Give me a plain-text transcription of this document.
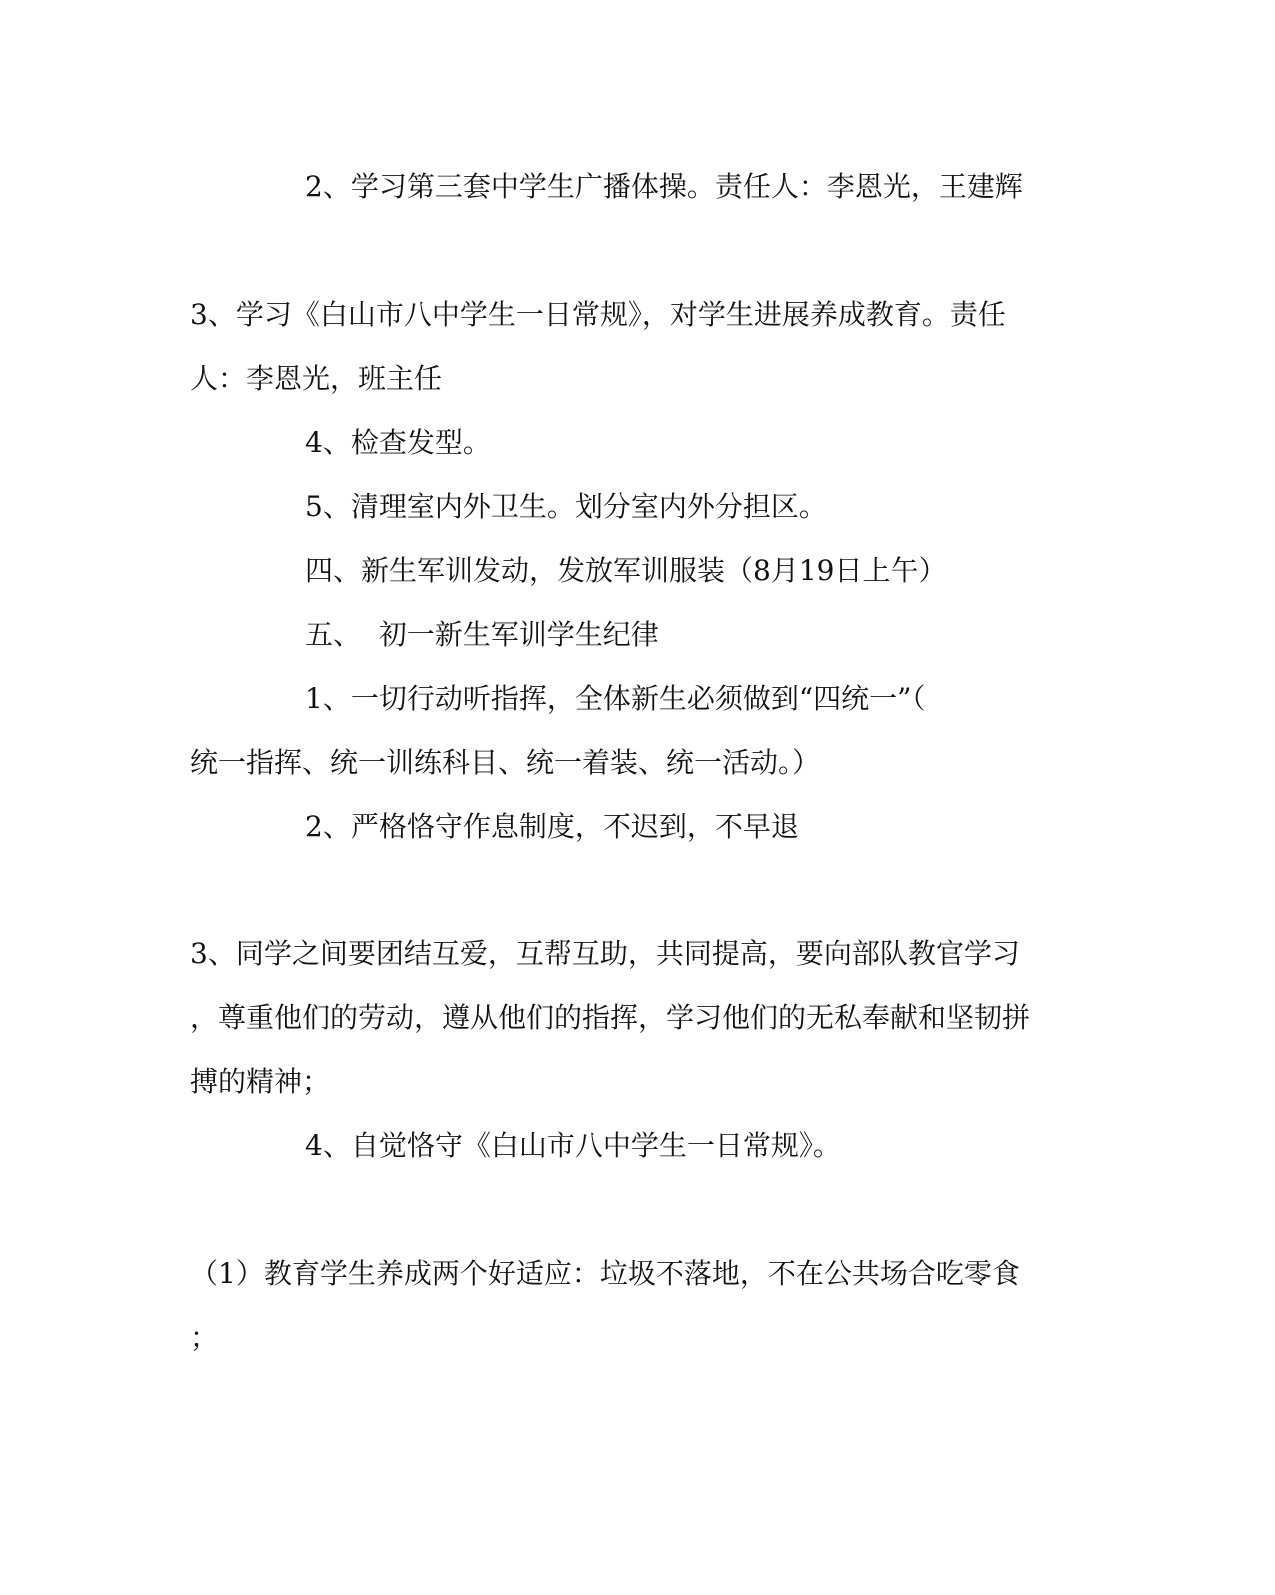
2、学习第三套中学生广播体操。责任人：李恩光，王建辉

3、学习《白山市八中学生一日常规》，对学生进展养成教育。责任

人：李恩光，班主任

4、检查发型。

5、清理室内外卫生。划分室内外分担区。

四、新生军训发动，发放军训服装（8月19日上午）

五、  初一新生军训学生纪律

1、一切行动听指挥，全体新生必须做到“四统一”（

统一指挥、统一训练科目、统一着装、统一活动。）

2、严格恪守作息制度，不迟到，不早退

3、同学之间要团结互爱，互帮互助，共同提高，要向部队教官学习

，尊重他们的劳动，遵从他们的指挥，学习他们的无私奉献和坚韧拼

搏的精神；

4、自觉恪守《白山市八中学生一日常规》。

（1）教育学生养成两个好适应：垃圾不落地，不在公共场合吃零食

；
